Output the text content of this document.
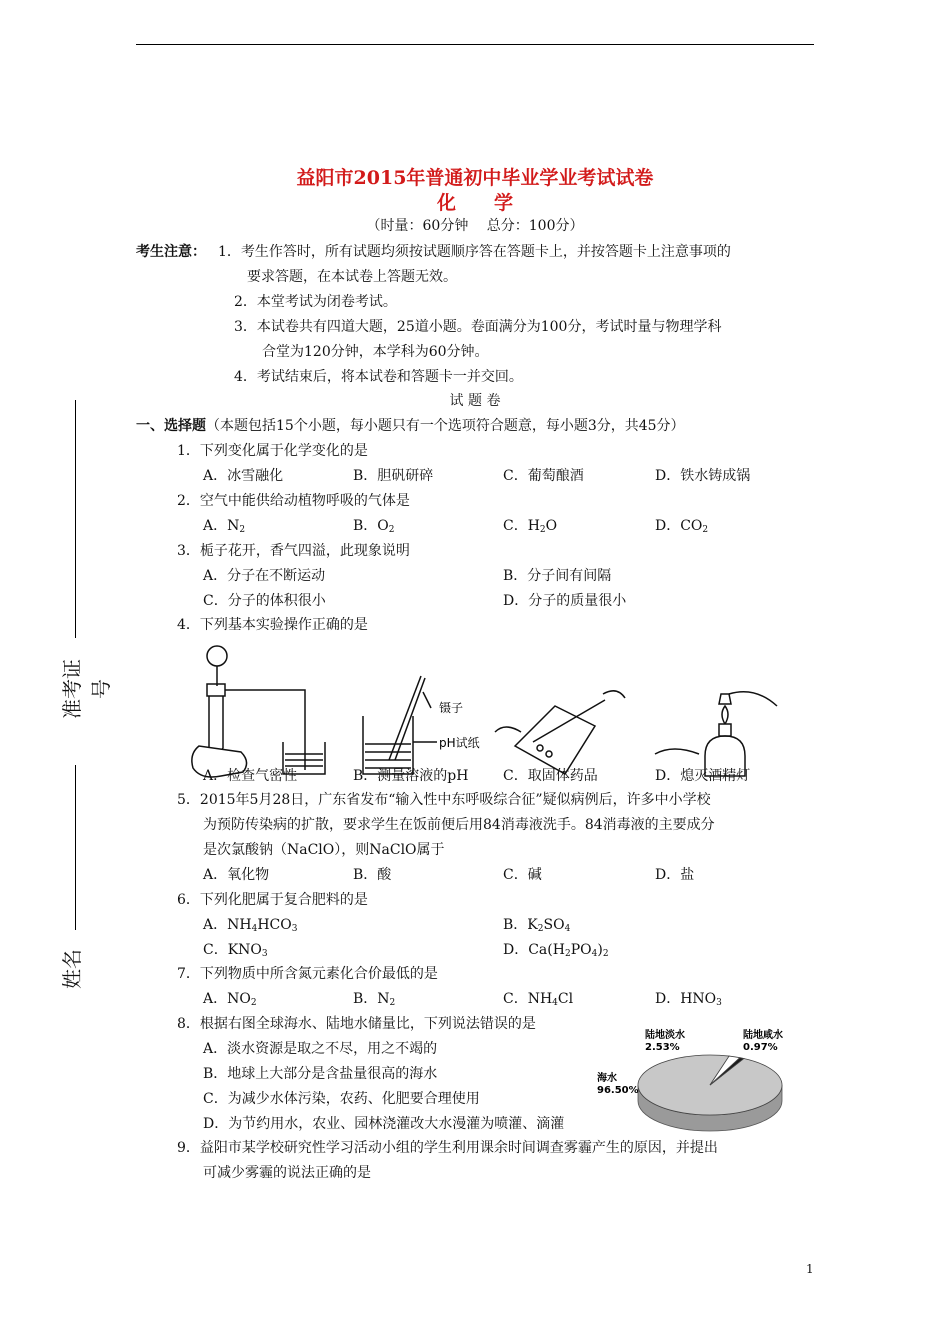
益阳市2015年普通初中毕业学业考试试卷
化　　学
（时量：60分钟　 总分：100分）
考生注意： 1．考生作答时，所有试题均须按试题顺序答在答题卡上，并按答题卡上注意事项的
要求答题，在本试卷上答题无效。
2．本堂考试为闭卷考试。
3．本试卷共有四道大题，25道小题。卷面满分为100分，考试时量与物理学科
合堂为120分钟，本学科为60分钟。
4．考试结束后，将本试卷和答题卡一并交回。
试 题 卷
准考证号
姓名
一、选择题（本题包括15个小题，每小题只有一个选项符合题意，每小题3分，共45分）
1．下列变化属于化学变化的是
A．冰雪融化	B．胆矾研碎	C．葡萄酿酒	D．铁水铸成锅
2．空气中能供给动植物呼吸的气体是
A．$N_2$	B．$O_2$	C．$H_2O$	D．$CO_2$
3．栀子花开，香气四溢，此现象说明
A．分子在不断运动	B．分子间有间隔
C．分子的体积很小	D．分子的质量很小
4．下列基本实验操作正确的是
镊子
pH试纸
A．检查气密性	B．测量溶液的pH C．取固体药品	D．熄灭酒精灯
5．2015年5月28日，广东省发布“输入性中东呼吸综合征”疑似病例后，许多中小学校
为预防传染病的扩散，要求学生在饭前便后用84消毒液洗手。84消毒液的主要成分
是次氯酸钠（NaClO），则NaClO属于
A．氧化物	B．酸	C．碱	D．盐
6．下列化肥属于复合肥料的是
A．$NH_4HCO_3$	B．$K_2SO_4$
C．$KNO_3$	D．$Ca(H_2PO_4)_2$
7．下列物质中所含氮元素化合价最低的是
A．$NO_2$	B．$N_2$	C．$NH_4Cl$	D．$HNO_3$
8．根据右图全球海水、陆地水储量比，下列说法错误的是
A．淡水资源是取之不尽，用之不竭的
B．地球上大部分是含盐量很高的海水
C．为减少水体污染，农药、化肥要合理使用
D．为节约用水，农业、园林浇灌改大水漫灌为喷灌、滴灌
海水
96.50%
陆地淡水
2.53%
陆地咸水
0.97%
9．益阳市某学校研究性学习活动小组的学生利用课余时间调查雾霾产生的原因，并提出
可减少雾霾的说法正确的是
1
